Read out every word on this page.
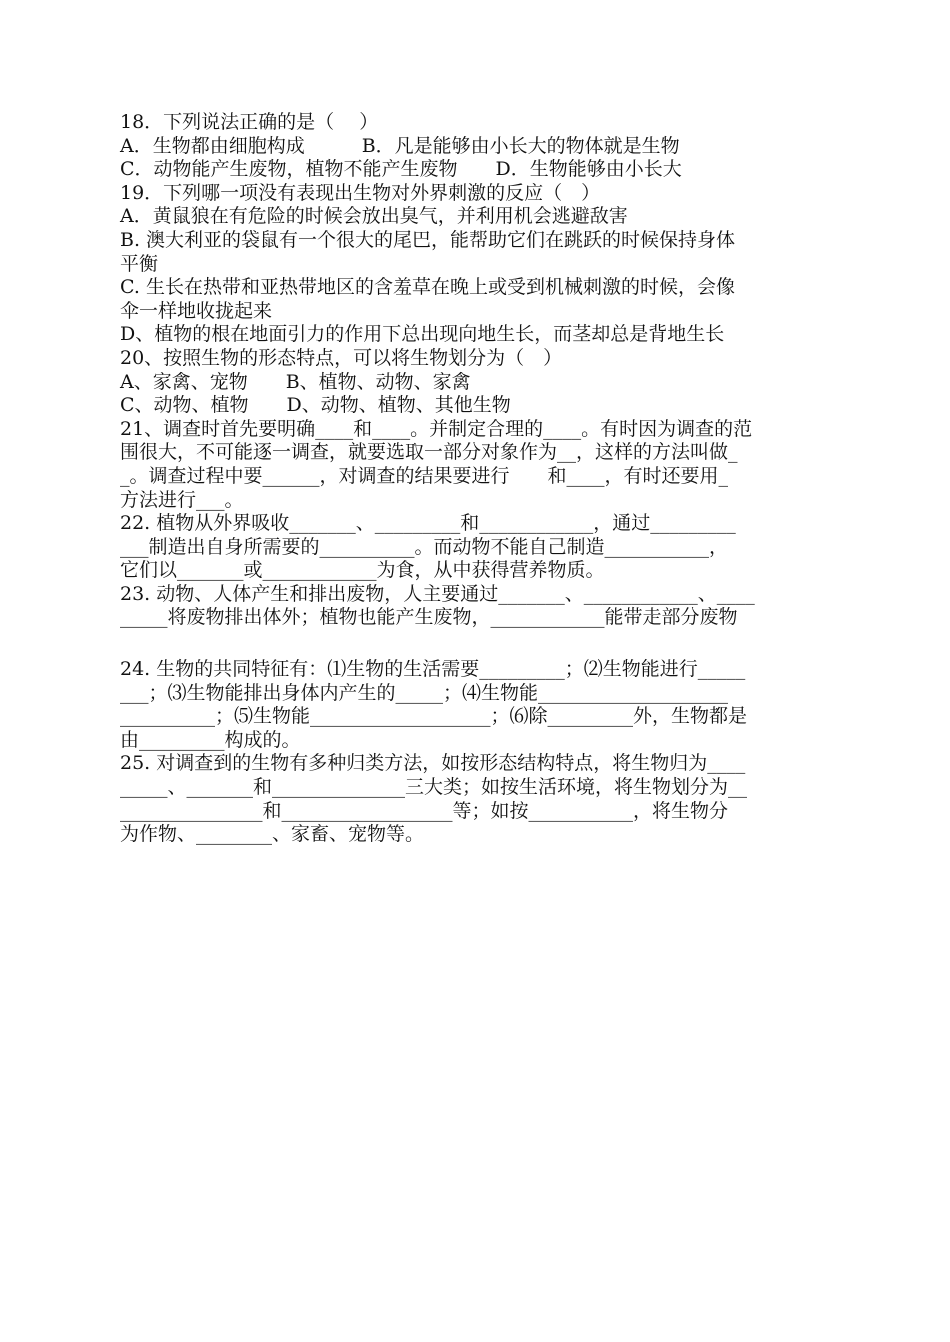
18．下列说法正确的是（　 ）
A．生物都由细胞构成　　　B．凡是能够由小长大的物体就是生物
C．动物能产生废物，植物不能产生废物　　D．生物能够由小长大
19．下列哪一项没有表现出生物对外界刺激的反应（　）
A．黄鼠狼在有危险的时候会放出臭气，并利用机会逃避敌害
B. 澳大利亚的袋鼠有一个很大的尾巴，能帮助它们在跳跃的时候保持身体
平衡
C. 生长在热带和亚热带地区的含羞草在晚上或受到机械刺激的时候，会像
伞一样地收拢起来
D、植物的根在地面引力的作用下总出现向地生长，而茎却总是背地生长
20、按照生物的形态特点，可以将生物划分为（　）
A、家禽、宠物　　B、植物、动物、家禽
C、动物、植物　　D、动物、植物、其他生物
21、调查时首先要明确____和____。并制定合理的____。有时因为调查的范
围很大，不可能逐一调查，就要选取一部分对象作为__，这样的方法叫做_
_。调查过程中要______，对调查的结果要进行　　和____，有时还要用_
方法进行___。
22. 植物从外界吸收_______、_________和____________，通过_________
___制造出自身所需要的__________。而动物不能自己制造___________，
它们以_______或____________为食，从中获得营养物质。
23. 动物、人体产生和排出废物，人主要通过_______、____________、____
_____将废物排出体外；植物也能产生废物，____________能带走部分废物
24. 生物的共同特征有：⑴生物的生活需要_________；⑵生物能进行_____
___；⑶生物能排出身体内产生的_____；⑷生物能____________________
__________；⑸生物能___________________；⑹除_________外，生物都是
由_________构成的。
25. 对调查到的生物有多种归类方法，如按形态结构特点，将生物归为____
_____、_______和______________三大类；如按生活环境，将生物划分为__
_______________和__________________等；如按___________，将生物分
为作物、________、家畜、宠物等。
